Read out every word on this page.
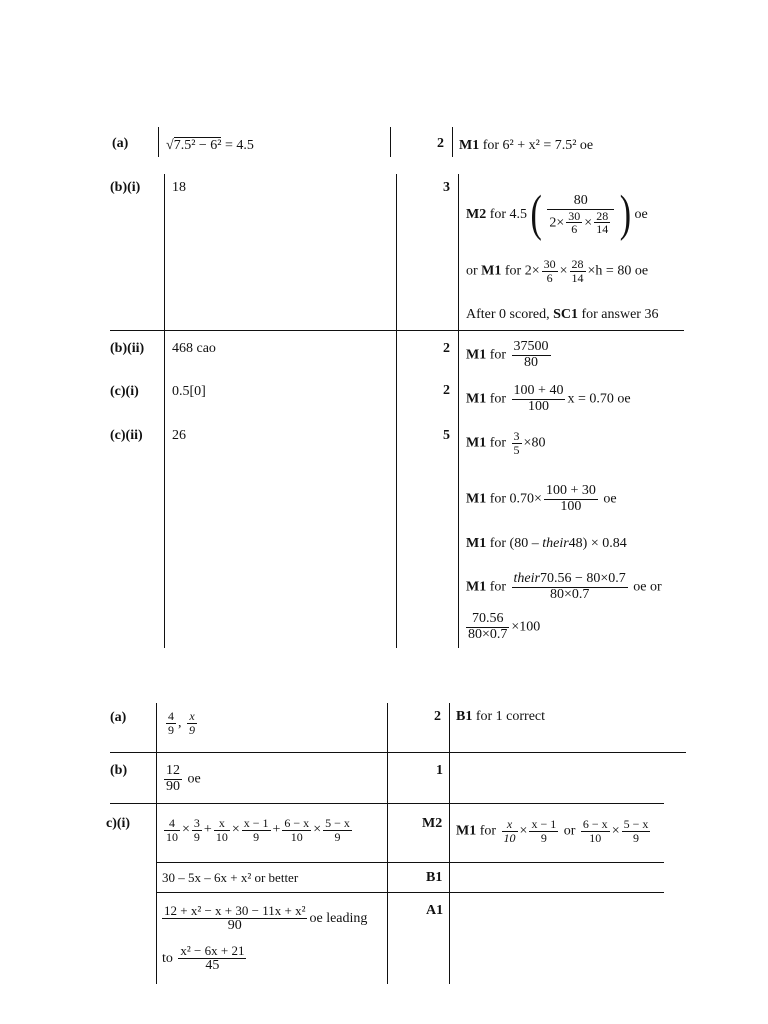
(a)	√7.5² − 6² = 4.5	2 M1 for 6² + x² = 7.5² oe
(b)(i) 18	3
M2 for 4.5 ( $\frac{80}{2\times \frac{30}{6} \times \frac{28}{14}}$ ) oe
or M1 for $2\times \frac{30}{6} \times \frac{28}{14} \times h = 80$ oe
After 0 scored, SC1 for answer 36
(b)(ii) 468 cao	2 M1 for $\frac{37500}{80}$
(c)(i) 0.5[0]	2
M1 for $\frac{100 + 40}{100}$ x = 0.70 oe
(c)(ii) 26	5 M1 for $\frac{3}{5} \times 80$
M1 for $0.70\times \frac{100 + 30}{100}$ oe
M1 for (80 – their48) × 0.84
M1 for $\frac{\text{their70.56 − 80×0.7}}{80\times 0.7}$ oe or
$\frac{70.56}{80\times 0.7} \times 100$
(a)	$\frac{4}{9}$ , $\frac{x}{9}$	2 B1 for 1 correct
(b)	$\frac{12}{90}$ oe
1
c)(i)	$\frac{4}{10} \times \frac{3}{9} + \frac{x}{10} \times \frac{x - 1}{9} + \frac{6 - x}{10} \times \frac{5 - x}{9}$	M2 M1 for $\frac{x}{10} \times \frac{x - 1}{9}$ or $\frac{6 - x}{10} \times \frac{5 - x}{9}$
30 – 5x – 6x + x² or better	B1
$\frac{\text{12 + x² − x + 30 − 11x + x²}}{90}$ oe leading
to $\frac{\text{x² − 6x + 21}}{45}$
A1
